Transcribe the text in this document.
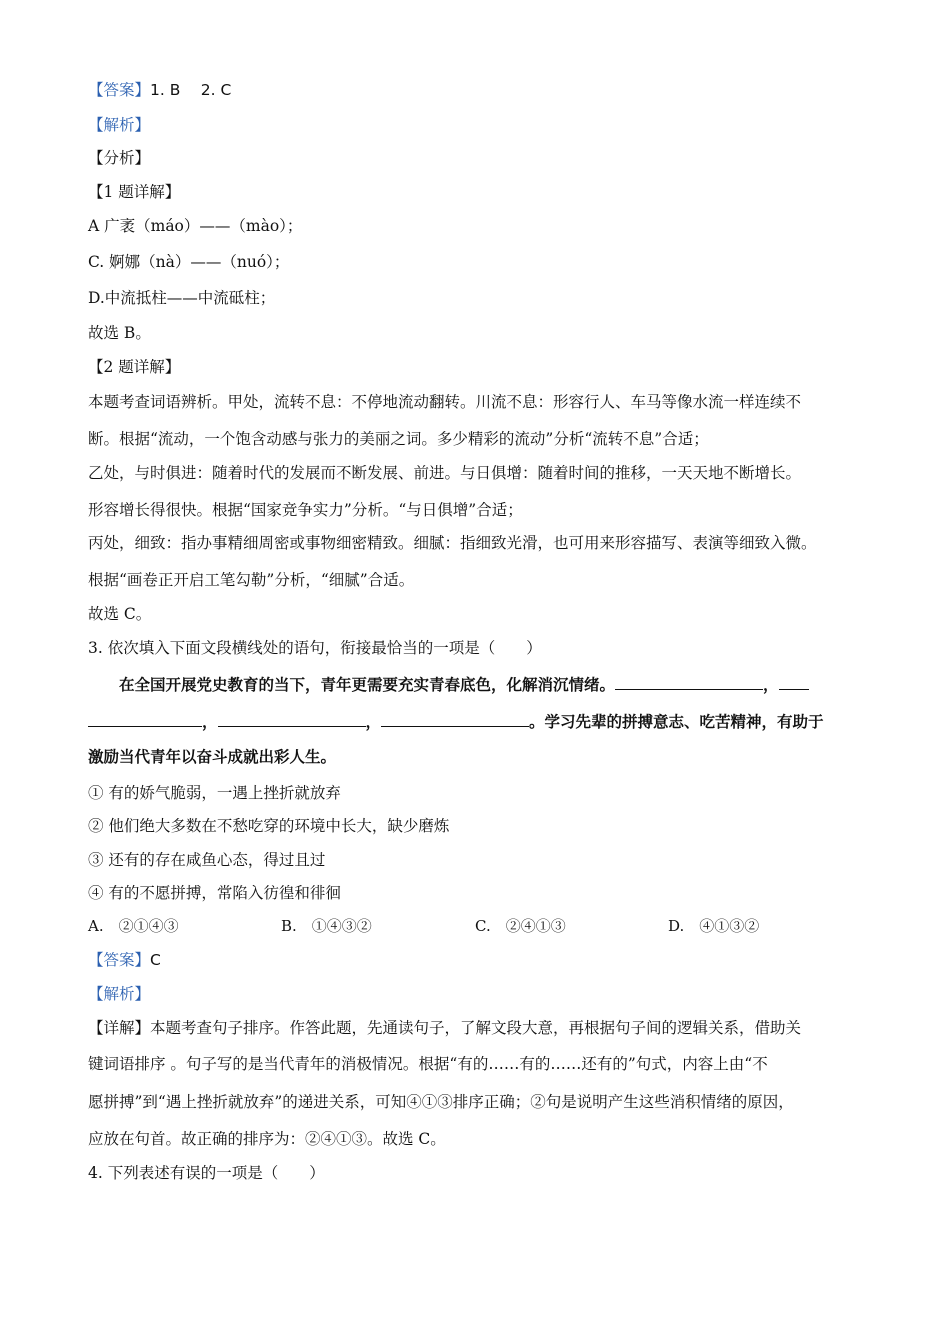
【答案】1. B　 2. C
【解析】
【分析】
【1 题详解】
A 广袤（máo）——（mào）；
C. 婀娜（nà）——（nuó）；
D.中流抵柱——中流砥柱；
故选 B。
【2 题详解】
本题考查词语辨析。甲处，流转不息：不停地流动翻转。川流不息：形容行人、车马等像水流一样连续不
断。根据“流动，一个饱含动感与张力的美丽之词。多少精彩的流动”分析“流转不息”合适；
乙处，与时俱进：随着时代的发展而不断发展、前进。与日俱增：随着时间的推移，一天天地不断增长。
形容增长得很快。根据“国家竞争实力”分析。“与日俱增”合适；
丙处，细致：指办事精细周密或事物细密精致。细腻：指细致光滑，也可用来形容描写、表演等细致入微。
根据“画卷正开启工笔勾勒”分析，“细腻”合适。
故选 C。
3. 依次填入下面文段横线处的语句，衔接最恰当的一项是（　　）
在全国开展党史教育的当下，青年更需要充实青春底色，化解消沉情绪。	，
，	，	。学习先辈的拼搏意志、吃苦精神，有助于
激励当代青年以奋斗成就出彩人生。
① 有的娇气脆弱，一遇上挫折就放弃
② 他们绝大多数在不愁吃穿的环境中长大，缺少磨炼
③ 还有的存在咸鱼心态，得过且过
④ 有的不愿拼搏，常陷入彷徨和徘徊
A.　②①④③	B.　①④③②	C.　②④①③	D.　④①③②
【答案】C
【解析】
【详解】本题考查句子排序。作答此题，先通读句子，了解文段大意，再根据句子间的逻辑关系，借助关
键词语排序 。句子写的是当代青年的消极情况。根据“有的……有的……还有的”句式，内容上由“不
愿拼搏”到“遇上挫折就放弃”的递进关系，可知④①③排序正确；②句是说明产生这些消积情绪的原因，
应放在句首。故正确的排序为：②④①③。故选 C。
4. 下列表述有误的一项是（　　）
